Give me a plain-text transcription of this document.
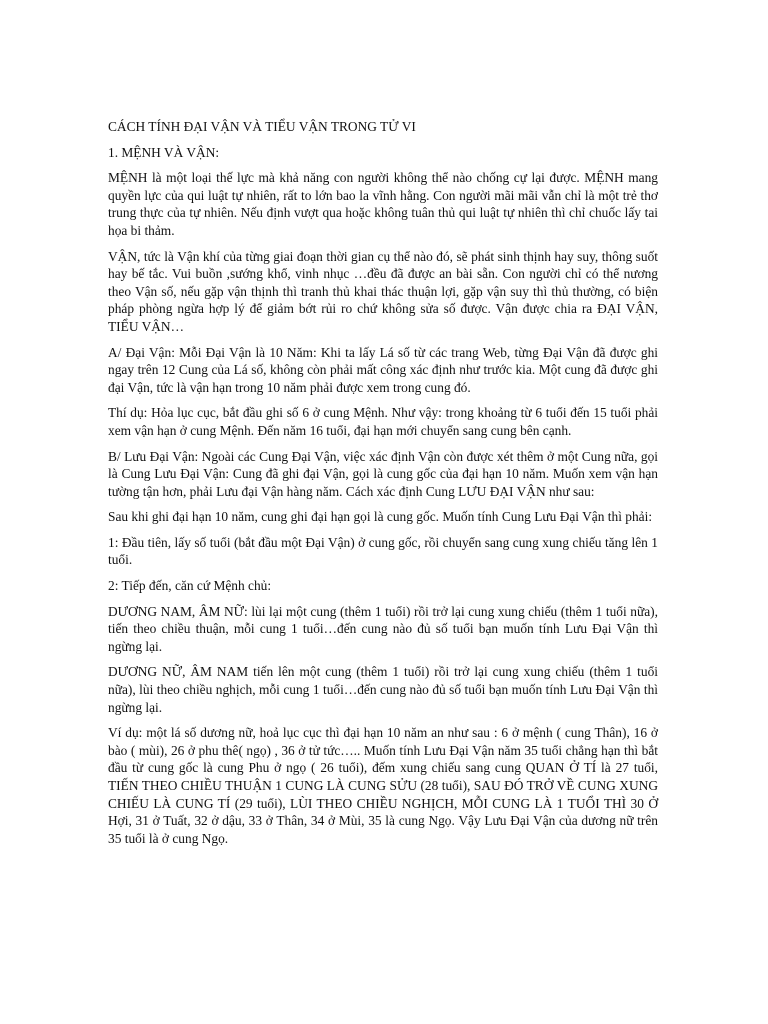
CÁCH TÍNH ĐẠI VẬN VÀ TIỂU VẬN TRONG TỬ VI

1. MỆNH VÀ VẬN:

MỆNH là một loại thế lực mà khả năng con người không thể nào chống cự lại được. MỆNH mang quyền lực của qui luật tự nhiên, rất to lớn bao la vĩnh hằng. Con người mãi mãi vẫn chỉ là một trẻ thơ trung thực của tự nhiên. Nếu định vượt qua hoặc không tuân thủ qui luật tự nhiên thì chỉ chuốc lấy tai họa bi thảm.

VẬN, tức là Vận khí của từng giai đoạn thời gian cụ thể nào đó, sẽ phát sinh thịnh hay suy, thông suốt hay bế tắc. Vui buồn ,sướng khổ, vinh nhục …đều đã được an bài sẵn. Con người chỉ có thể nương theo Vận số, nếu gặp vận thịnh thì tranh thủ khai thác thuận lợi, gặp vận suy thì thủ thường, có biện pháp phòng ngừa hợp lý để giảm bớt rủi ro chứ không sửa số được. Vận được chia ra ĐẠI VẬN, TIỂU VẬN…

A/ Đại Vận: Mỗi Đại Vận là 10 Năm: Khi ta lấy Lá số từ các trang Web, từng Đại Vận đã được ghi ngay trên 12 Cung của Lá số, không còn phải mất công xác định như trước kia. Một cung đã được ghi đại Vận, tức là vận hạn trong 10 năm phải được xem trong cung đó.

Thí dụ: Hỏa lục cục, bắt đầu ghi số 6 ở cung Mệnh. Như vậy: trong khoảng từ 6 tuổi đến 15 tuổi phải xem vận hạn ở cung Mệnh. Đến năm 16 tuổi, đại hạn mới chuyển sang cung bên cạnh.

B/ Lưu Đại Vận: Ngoài các Cung Đại Vận, việc xác định Vận còn được xét thêm ở một Cung nữa, gọi là Cung Lưu Đại Vận: Cung đã ghi đại Vận, gọi là cung gốc của đại hạn 10 năm. Muốn xem vận hạn tường tận hơn, phải Lưu đại Vận hàng năm. Cách xác định Cung LƯU ĐẠI VẬN như sau:

Sau khi ghi đại hạn 10 năm, cung ghi đại hạn gọi là cung gốc. Muốn tính Cung Lưu Đại Vận thì phải:

1: Đầu tiên, lấy số tuổi (bắt đầu một Đại Vận) ở cung gốc, rồi chuyển sang cung xung chiếu tăng lên 1 tuổi.

2: Tiếp đến, căn cứ Mệnh chủ:

DƯƠNG NAM, ÂM NỮ: lùi lại một cung (thêm 1 tuổi) rồi trở lại cung xung chiếu (thêm 1 tuổi nữa), tiến theo chiều thuận, mỗi cung 1 tuổi…đến cung nào đủ số tuổi bạn muốn tính Lưu Đại Vận thì ngừng lại.

DƯƠNG NỮ, ÂM NAM tiến lên một cung (thêm 1 tuổi) rồi trở lại cung xung chiếu (thêm 1 tuổi nữa), lùi theo chiều nghịch, mỗi cung 1 tuổi…đến cung nào đủ số tuổi bạn muốn tính Lưu Đại Vận thì ngừng lại.

Ví dụ: một lá số dương nữ, hoả lục cục thì đại hạn 10 năm an như sau : 6 ở mệnh ( cung Thân), 16 ở bào ( mùi), 26 ở phu thê( ngọ) , 36 ở tử tức….. Muốn tính Lưu Đại Vận năm 35 tuổi chẳng hạn thì bắt đầu từ cung gốc là cung Phu ở ngọ ( 26 tuổi), đếm xung chiếu sang cung QUAN Ở TÍ là 27 tuổi, TIẾN THEO CHIỀU THUẬN 1 CUNG LÀ CUNG SỬU (28 tuổi), SAU ĐÓ TRỞ VỀ CUNG XUNG CHIẾU LÀ CUNG TÍ (29 tuổi), LÙI THEO CHIỀU NGHỊCH, MỖI CUNG LÀ 1 TUỔI THÌ 30 Ở Hợi, 31 ở Tuất, 32 ở dậu, 33 ở Thân, 34 ở Mùi, 35 là cung Ngọ. Vậy Lưu Đại Vận của dương nữ trên 35 tuổi là ở cung Ngọ.
